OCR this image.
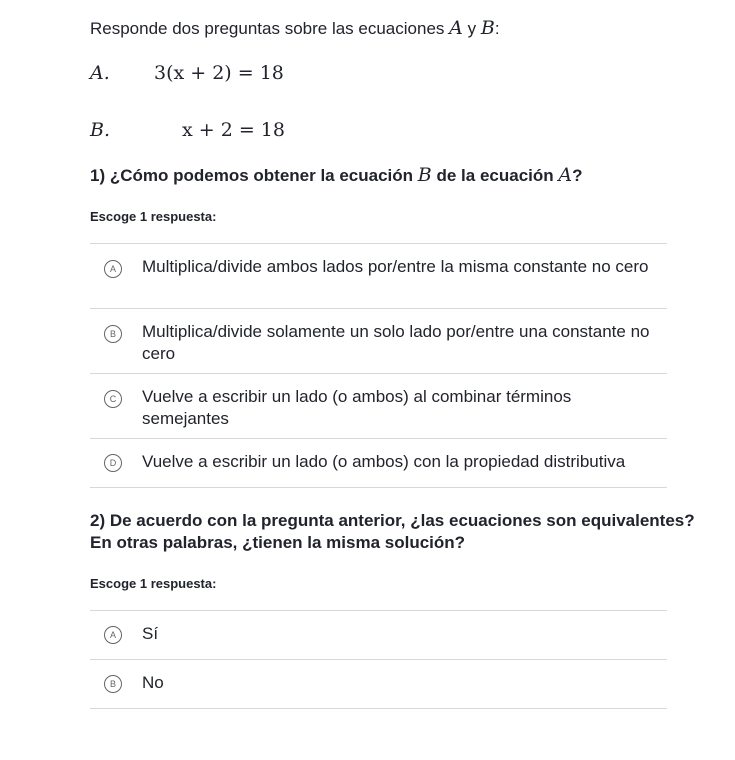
Responde dos preguntas sobre las ecuaciones A y B:
A. 3(x + 2) = 18
B.	x + 2 = 18
1) ¿Cómo podemos obtener la ecuación B de la ecuación A?
Escoge 1 respuesta:
A	Multiplica/divide ambos lados por/entre la misma constante no cero
B	Multiplica/divide solamente un solo lado por/entre una constante no cero
C	Vuelve a escribir un lado (o ambos) al combinar términos semejantes
D	Vuelve a escribir un lado (o ambos) con la propiedad distributiva
2) De acuerdo con la pregunta anterior, ¿las ecuaciones son equivalentes?
En otras palabras, ¿tienen la misma solución?
Escoge 1 respuesta:
A	Sí
B	No
